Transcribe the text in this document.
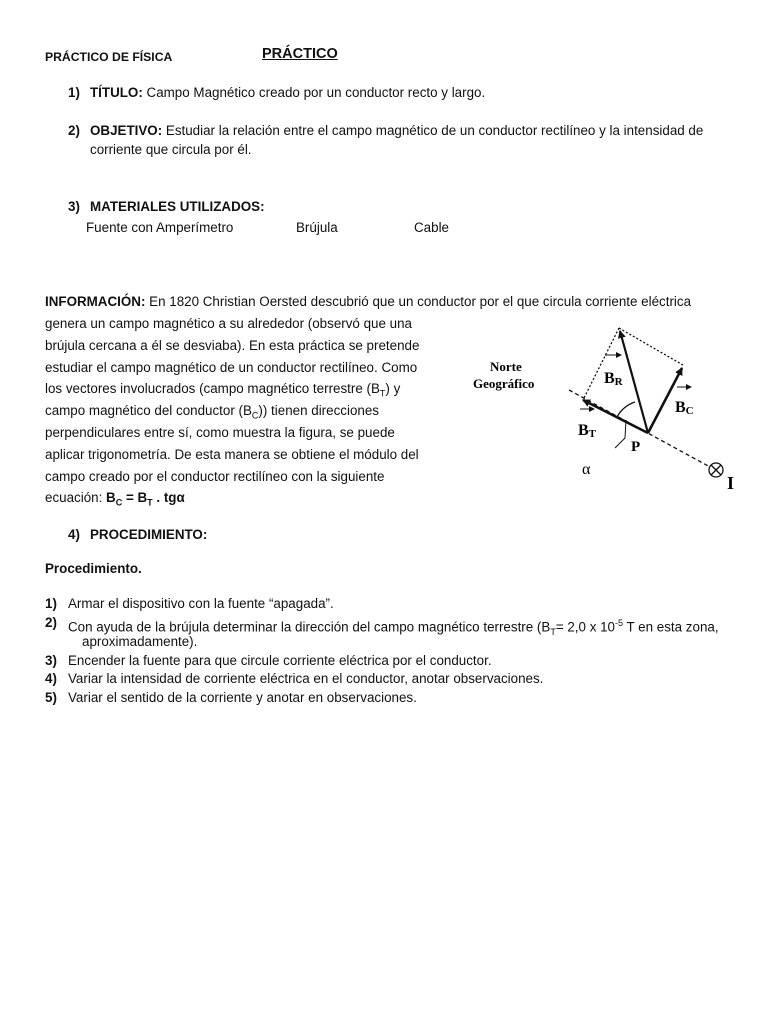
PRÁCTICO DE FÍSICA	PRÁCTICO
1) TÍTULO: Campo Magnético creado por un conductor recto y largo.
2) OBJETIVO: Estudiar la relación entre el campo magnético de un conductor rectilíneo y la intensidad de
corriente que circula por él.
3) MATERIALES UTILIZADOS:
Fuente con Amperímetro	Brújula	Cable
INFORMACIÓN: En 1820 Christian Oersted descubrió que un conductor por el que circula corriente eléctrica
genera un campo magnético a su alrededor (observó que una
brújula cercana a él se desviaba). En esta práctica se pretende
estudiar el campo magnético de un conductor rectilíneo. Como
los vectores involucrados (campo magnético terrestre $(B_T)$ y
campo magnético del conductor $(B_C)$) tienen direcciones
perpendiculares entre sí, como muestra la figura, se puede
aplicar trigonometría. De esta manera se obtiene el módulo del
campo creado por el conductor rectilíneo con la siguiente
ecuación: $B_C = B_T$ . tgα
Norte
Geográfico	BR
BC
BT
P
α
I
4) PROCEDIMIENTO:
Procedimiento.
1) Armar el dispositivo con la fuente “apagada”.
2) Con ayuda de la brújula determinar la dirección del campo magnético terrestre ($B_T= 2,0$ x $10^{-5}$ T en esta zona,
aproximadamente).
3) Encender la fuente para que circule corriente eléctrica por el conductor.
4) Variar la intensidad de corriente eléctrica en el conductor, anotar observaciones.
5) Variar el sentido de la corriente y anotar en observaciones.
